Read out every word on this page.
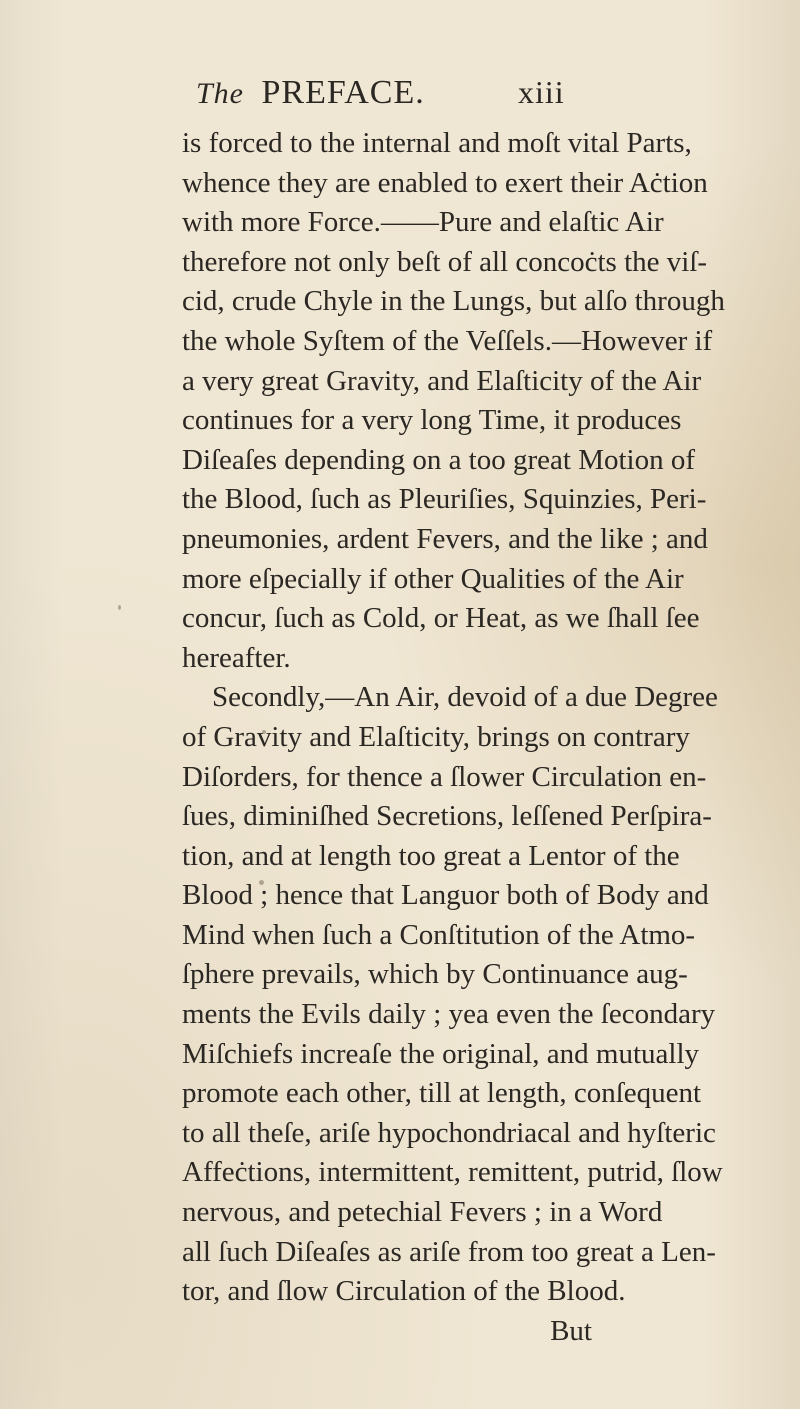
The PREFACE.	xiii
is forced to the internal and moſt vital Parts,
whence they are enabled to exert their Aċtion
with more Force.——Pure and elaſtic Air
therefore not only beſt of all concoċts the viſ-
cid, crude Chyle in the Lungs, but alſo through
the whole Syſtem of the Veſſels.—However if
a very great Gravity, and Elaſticity of the Air
continues for a very long Time, it produces
Diſeaſes depending on a too great Motion of
the Blood, ſuch as Pleuriſies, Squinzies, Peri-
pneumonies, ardent Fevers, and the like ; and
more eſpecially if other Qualities of the Air
concur, ſuch as Cold, or Heat, as we ſhall ſee
hereafter.
Secondly,—An Air, devoid of a due Degree
of Gravity and Elaſticity, brings on contrary
Diſorders, for thence a ſlower Circulation en-
ſues, diminiſhed Secretions, leſſened Perſpira-
tion, and at length too great a Lentor of the
Blood ; hence that Languor both of Body and
Mind when ſuch a Conſtitution of the Atmo-
ſphere prevails, which by Continuance aug-
ments the Evils daily ; yea even the ſecondary
Miſchiefs increaſe the original, and mutually
promote each other, till at length, conſequent
to all theſe, ariſe hypochondriacal and hyſteric
Affeċtions, intermittent, remittent, putrid, ſlow
nervous, and petechial Fevers ; in a Word
all ſuch Diſeaſes as ariſe from too great a Len-
tor, and ſlow Circulation of the Blood.
But
